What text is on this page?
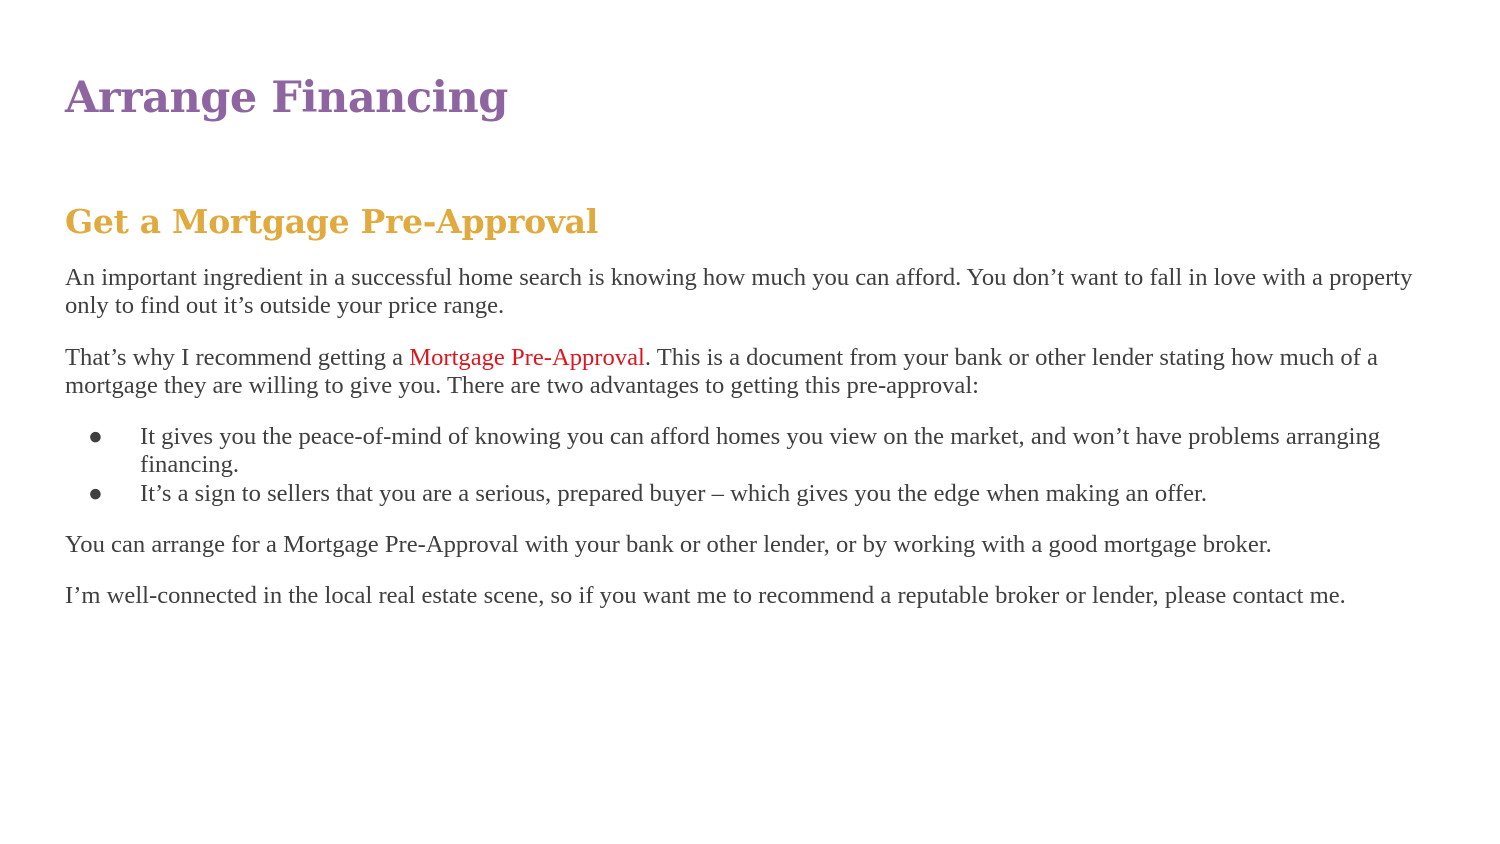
Arrange Financing
Get a Mortgage Pre-Approval

An important ingredient in a successful home search is knowing how much you can afford. You don’t want to fall in love with a property only to find out it’s outside your price range.

That’s why I recommend getting a Mortgage Pre-Approval. This is a document from your bank or other lender stating how much of a mortgage they are willing to give you. There are two advantages to getting this pre-approval:

● It gives you the peace-of-mind of knowing you can afford homes you view on the market, and won’t have problems arranging financing.
● It’s a sign to sellers that you are a serious, prepared buyer – which gives you the edge when making an offer.

You can arrange for a Mortgage Pre-Approval with your bank or other lender, or by working with a good mortgage broker.

I’m well-connected in the local real estate scene, so if you want me to recommend a reputable broker or lender, please contact me.
